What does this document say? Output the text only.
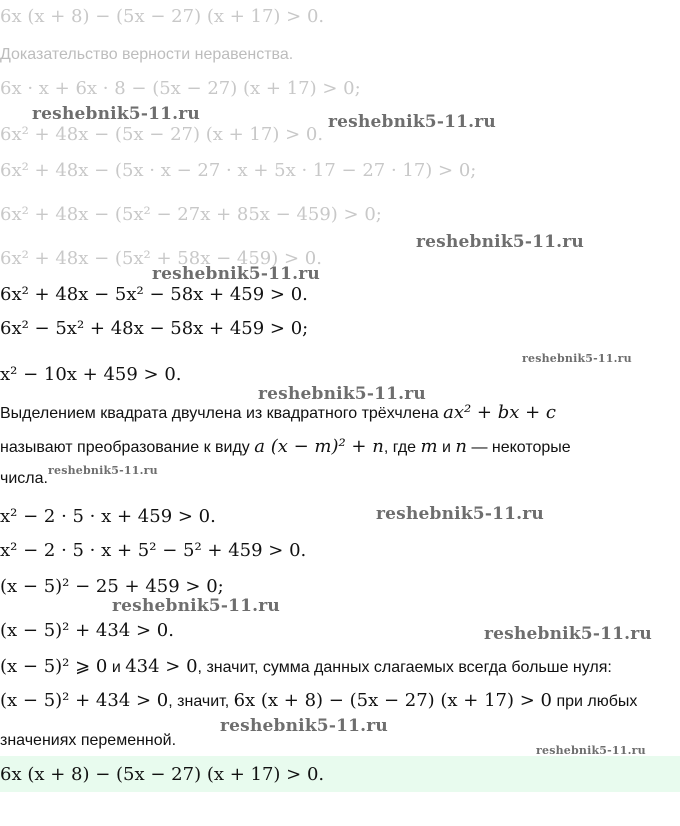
6x (x + 8) − (5x − 27) (x + 17) > 0.
Доказательство верности неравенства.
6x · x + 6x · 8 − (5x − 27) (x + 17) > 0;
6x² + 48x − (5x − 27) (x + 17) > 0.
6x² + 48x − (5x · x − 27 · x + 5x · 17 − 27 · 17) > 0;
6x² + 48x − (5x² − 27x + 85x − 459) > 0;
6x² + 48x − (5x² + 58x − 459) > 0.
6x² + 48x − 5x² − 58x + 459 > 0.
6x² − 5x² + 48x − 58x + 459 > 0;
x² − 10x + 459 > 0.
Выделением квадрата двучлена из квадратного трёхчлена ax² + bx + c
называют преобразование к виду a (x − m)² + n, где m и n — некоторые
числа.
x² − 2 · 5 · x + 459 > 0.
x² − 2 · 5 · x + 5² − 5² + 459 > 0.
(x − 5)² − 25 + 459 > 0;
(x − 5)² + 434 > 0.
(x − 5)² ⩾ 0 и 434 > 0, значит, сумма данных слагаемых всегда больше нуля:
(x − 5)² + 434 > 0, значит, 6x (x + 8) − (5x − 27) (x + 17) > 0 при любых
значениях переменной.
6x (x + 8) − (5x − 27) (x + 17) > 0.
reshebnik5-11.ru	reshebnik5-11.ru
reshebnik5-11.ru
reshebnik5-11.ru
reshebnik5-11.ru
reshebnik5-11.ru
reshebnik5-11.ru
reshebnik5-11.ru
reshebnik5-11.ru
reshebnik5-11.ru
reshebnik5-11.ru
reshebnik5-11.ru
